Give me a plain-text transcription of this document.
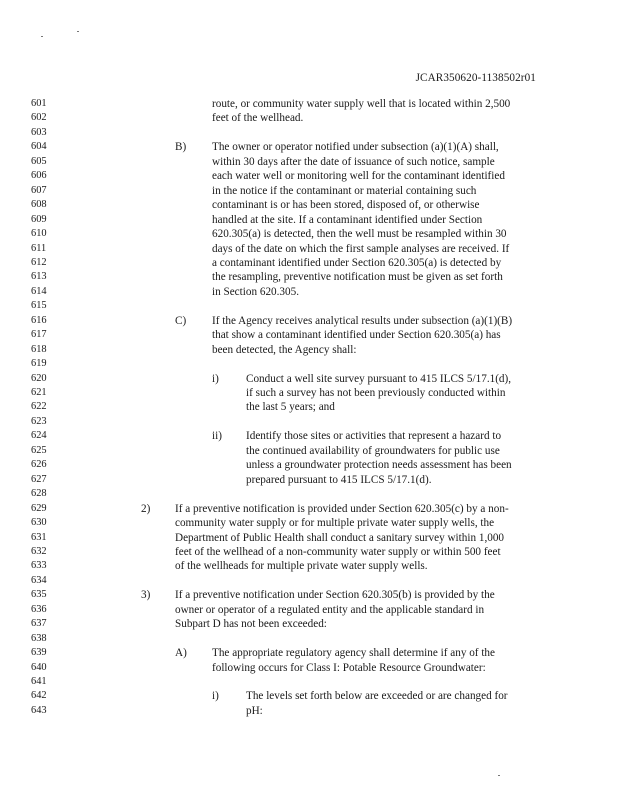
JCAR350620-1138502r01
601	route, or community water supply well that is located within 2,500
602	feet of the wellhead.
603
604	B) The owner or operator notified under subsection (a)(1)(A) shall,
605	within 30 days after the date of issuance of such notice, sample
606	each water well or monitoring well for the contaminant identified
607	in the notice if the contaminant or material containing such
608	contaminant is or has been stored, disposed of, or otherwise
609	handled at the site. If a contaminant identified under Section
610	620.305(a) is detected, then the well must be resampled within 30
611	days of the date on which the first sample analyses are received. If
612	a contaminant identified under Section 620.305(a) is detected by
613	the resampling, preventive notification must be given as set forth
614	in Section 620.305.
615
616	C) If the Agency receives analytical results under subsection (a)(1)(B)
617	that show a contaminant identified under Section 620.305(a) has
618	been detected, the Agency shall:
619
620	i) Conduct a well site survey pursuant to 415 ILCS 5/17.1(d),
621	if such a survey has not been previously conducted within
622	the last 5 years; and
623
624	ii) Identify those sites or activities that represent a hazard to
625	the continued availability of groundwaters for public use
626	unless a groundwater protection needs assessment has been
627	prepared pursuant to 415 ILCS 5/17.1(d).
628
629	2) If a preventive notification is provided under Section 620.305(c) by a non-
630	community water supply or for multiple private water supply wells, the
631	Department of Public Health shall conduct a sanitary survey within 1,000
632	feet of the wellhead of a non-community water supply or within 500 feet
633	of the wellheads for multiple private water supply wells.
634
635	3) If a preventive notification under Section 620.305(b) is provided by the
636	owner or operator of a regulated entity and the applicable standard in
637	Subpart D has not been exceeded:
638
639	A) The appropriate regulatory agency shall determine if any of the
640	following occurs for Class I: Potable Resource Groundwater:
641
642	i) The levels set forth below are exceeded or are changed for
643	pH:
